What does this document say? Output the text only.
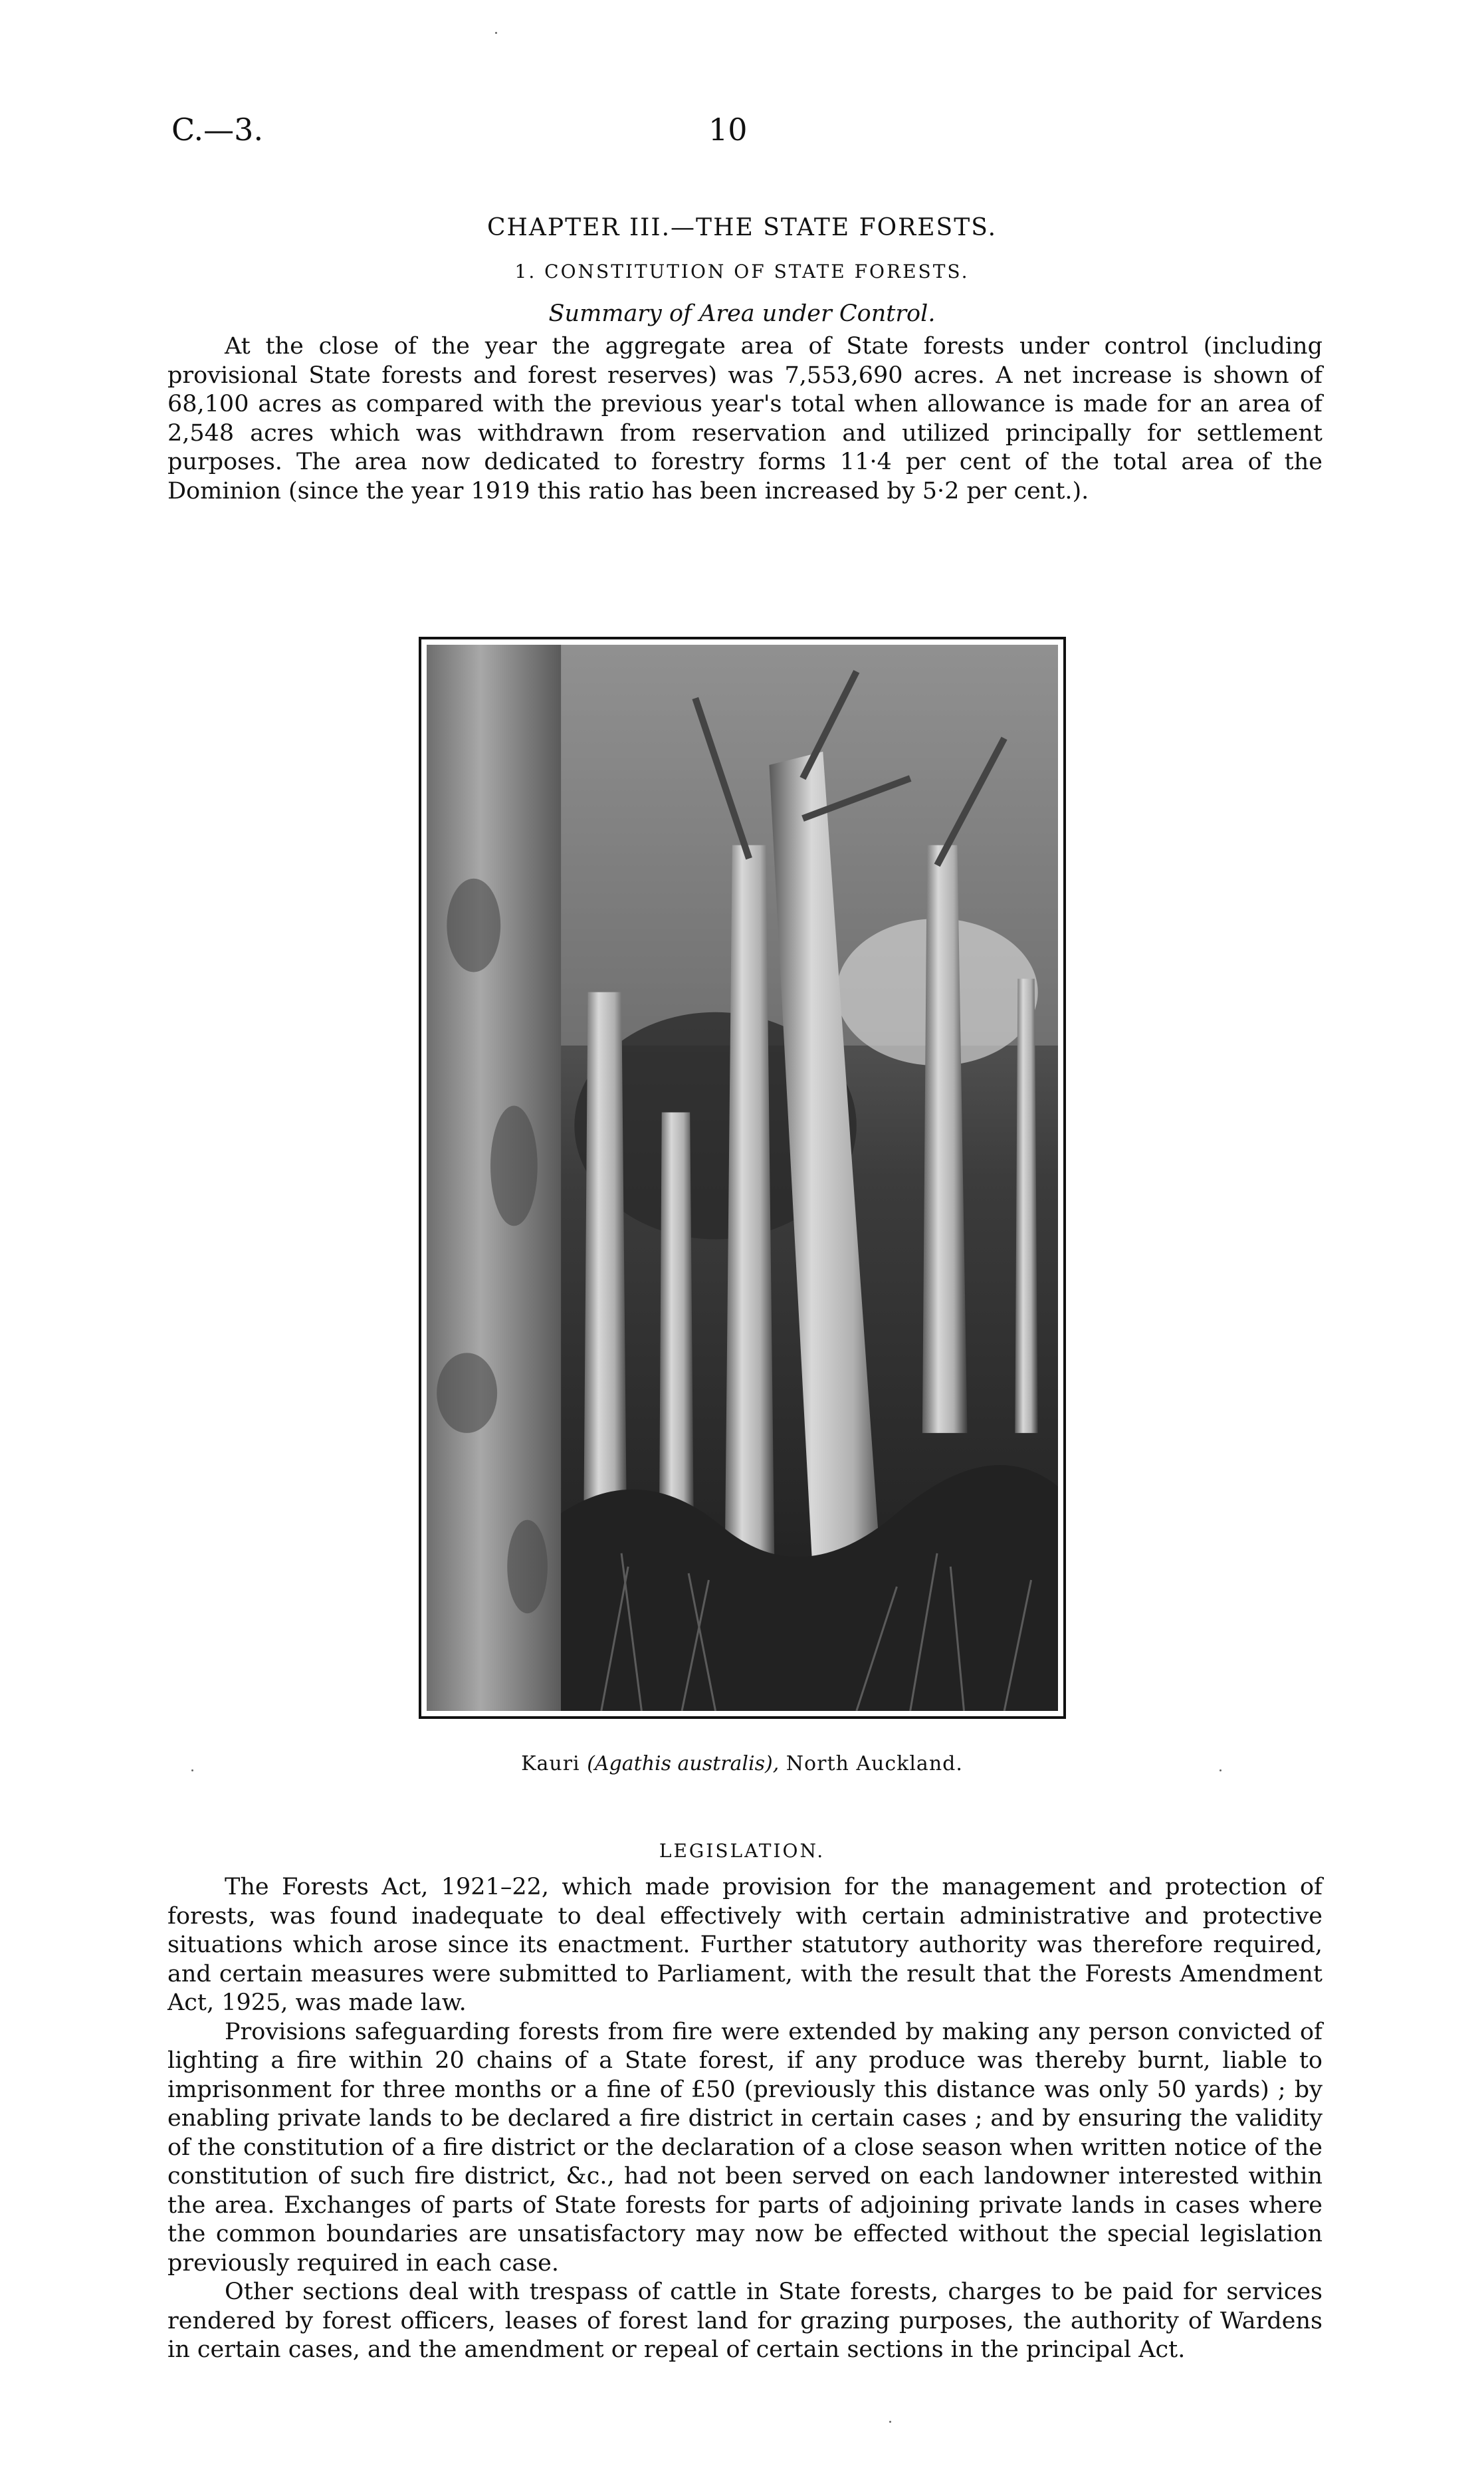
C.—3.	10
CHAPTER III.—THE STATE FORESTS.
1. CONSTITUTION OF STATE FORESTS.
Summary of Area under Control.

At the close of the year the aggregate area of State forests under control (including provisional State forests and forest reserves) was 7,553,690 acres. A net increase is shown of 68,100 acres as compared with the previous year's total when allowance is made for an area of 2,548 acres which was withdrawn from reservation and utilized principally for settlement purposes. The area now dedicated to forestry forms 11·4 per cent of the total area of the Dominion (since the year 1919 this ratio has been increased by 5·2 per cent.).

Kauri (Agathis australis), North Auckland.
LEGISLATION.

The Forests Act, 1921–22, which made provision for the management and protection of forests, was found inadequate to deal effectively with certain administrative and protective situations which arose since its enactment. Further statutory authority was therefore required, and certain measures were submitted to Parliament, with the result that the Forests Amendment Act, 1925, was made law.

Provisions safeguarding forests from fire were extended by making any person convicted of lighting a fire within 20 chains of a State forest, if any produce was thereby burnt, liable to imprisonment for three months or a fine of £50 (previously this distance was only 50 yards) ; by enabling private lands to be declared a fire district in certain cases ; and by ensuring the validity of the constitution of a fire district or the declaration of a close season when written notice of the constitution of such fire district, &c., had not been served on each landowner interested within the area. Exchanges of parts of State forests for parts of adjoining private lands in cases where the common boundaries are unsatisfactory may now be effected without the special legislation previously required in each case.

Other sections deal with trespass of cattle in State forests, charges to be paid for services rendered by forest officers, leases of forest land for grazing purposes, the authority of Wardens in certain cases, and the amendment or repeal of certain sections in the principal Act.
